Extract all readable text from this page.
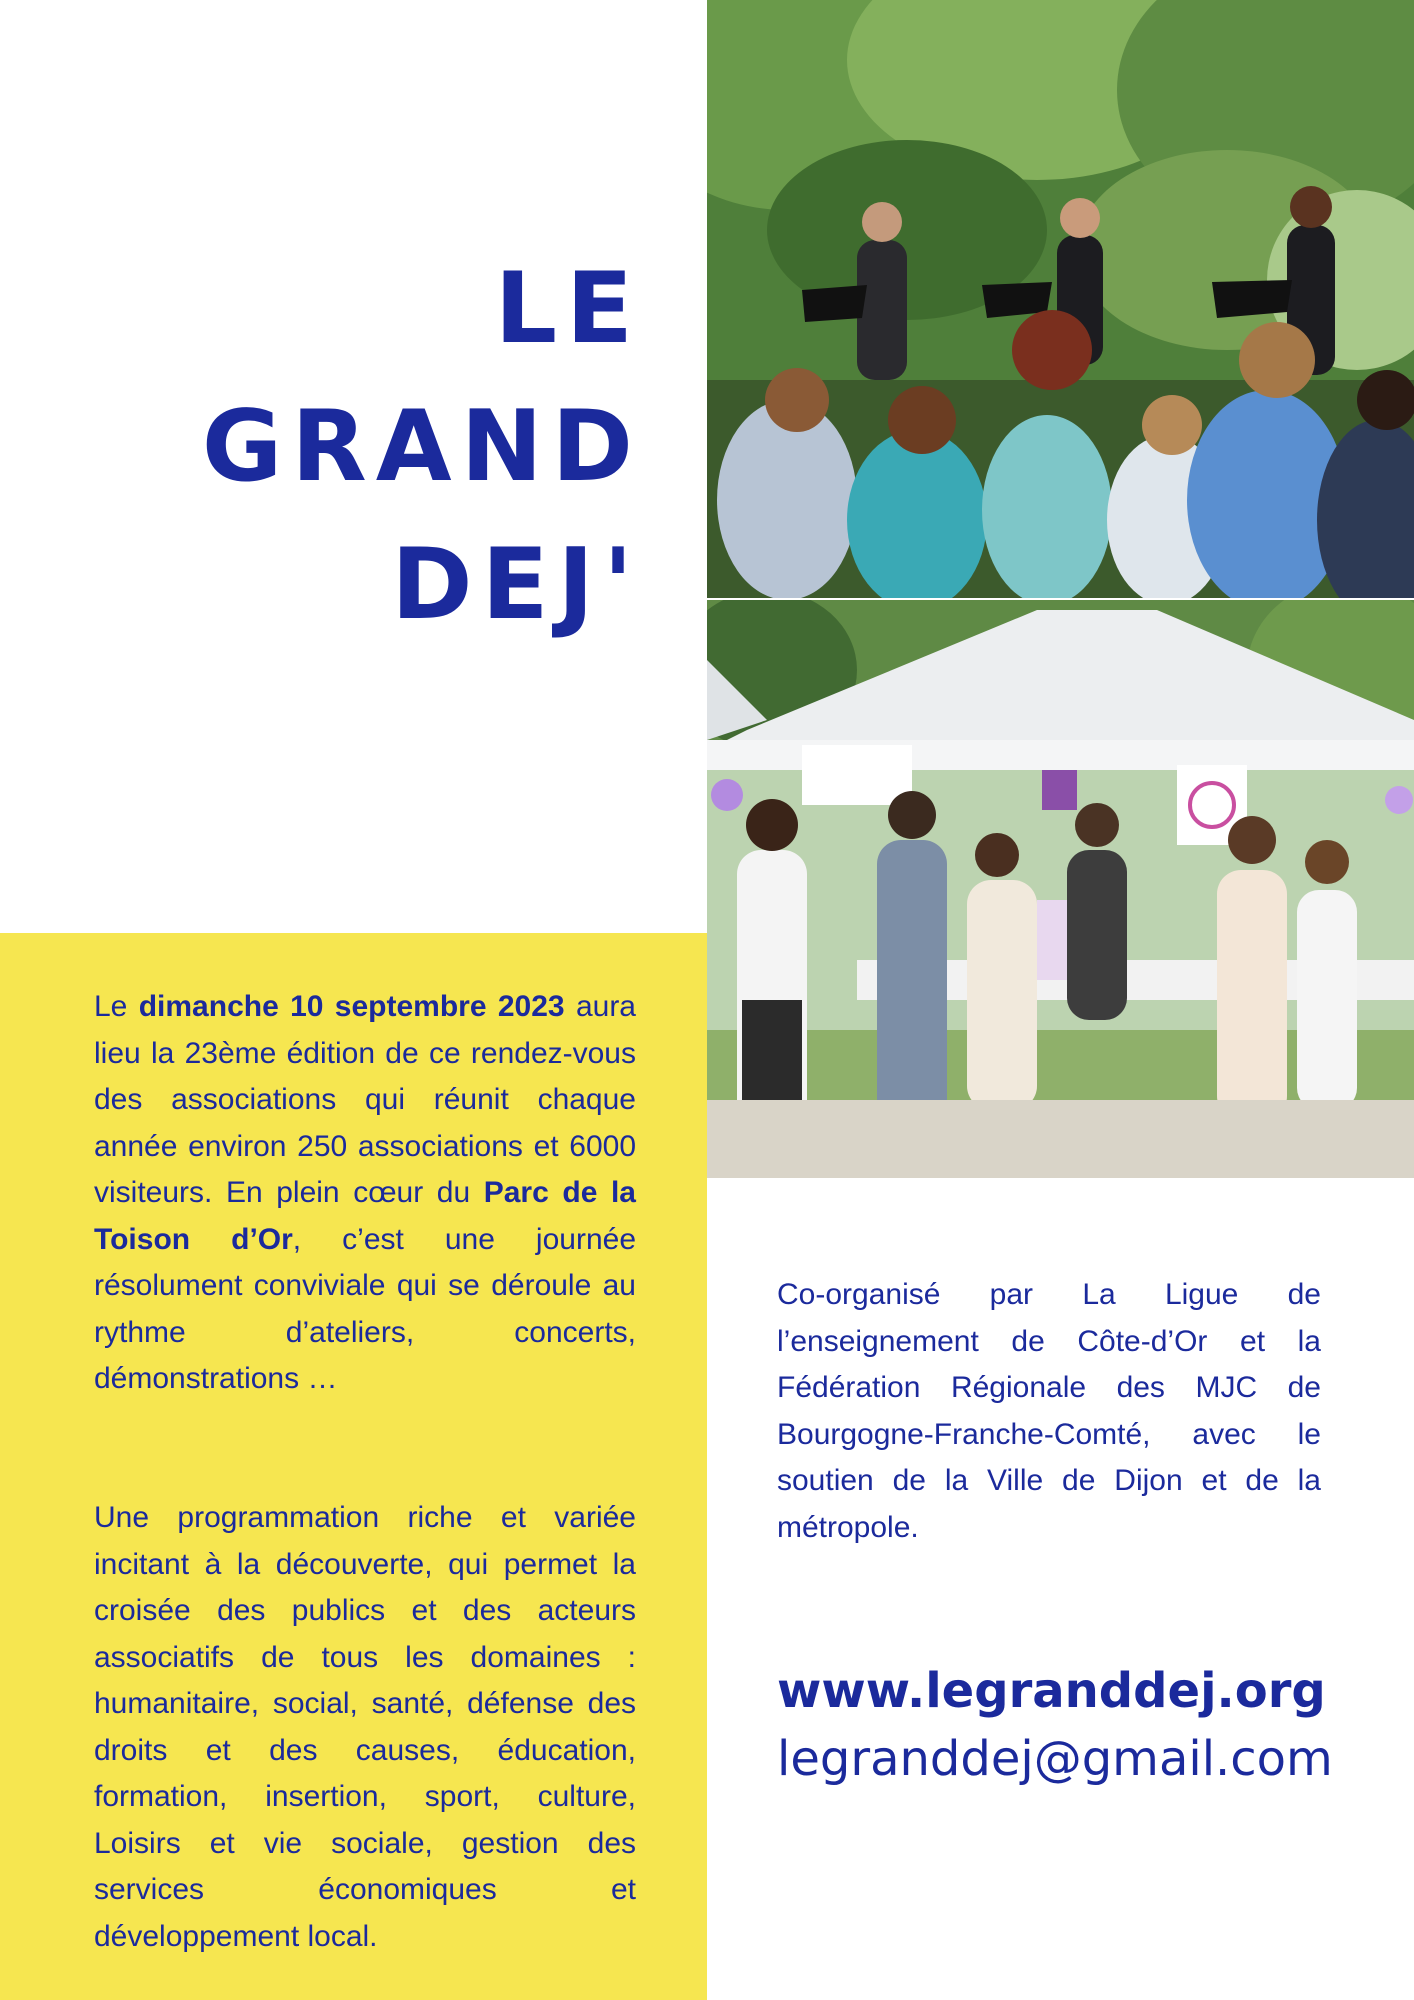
LE
GRAND
DEJ'

Le dimanche 10 septembre 2023 aura lieu la 23ème édition de ce rendez-vous des associations qui réunit chaque année environ 250 associations et 6000 visiteurs. En plein cœur du Parc de la Toison d’Or, c’est une journée résolument conviviale qui se déroule au rythme d’ateliers, concerts, démonstrations …

Une programmation riche et variée incitant à la découverte, qui permet la croisée des publics et des acteurs associatifs de tous les domaines : humanitaire, social, santé, défense des droits et des causes, éducation, formation, insertion, sport, culture, Loisirs et vie sociale, gestion des services économiques et développement local.

Co-organisé par La Ligue de l’enseignement de Côte-d’Or et la Fédération Régionale des MJC de Bourgogne-Franche-Comté, avec le soutien de la Ville de Dijon et de la métropole.

www.legranddej.org
legranddej@gmail.com
